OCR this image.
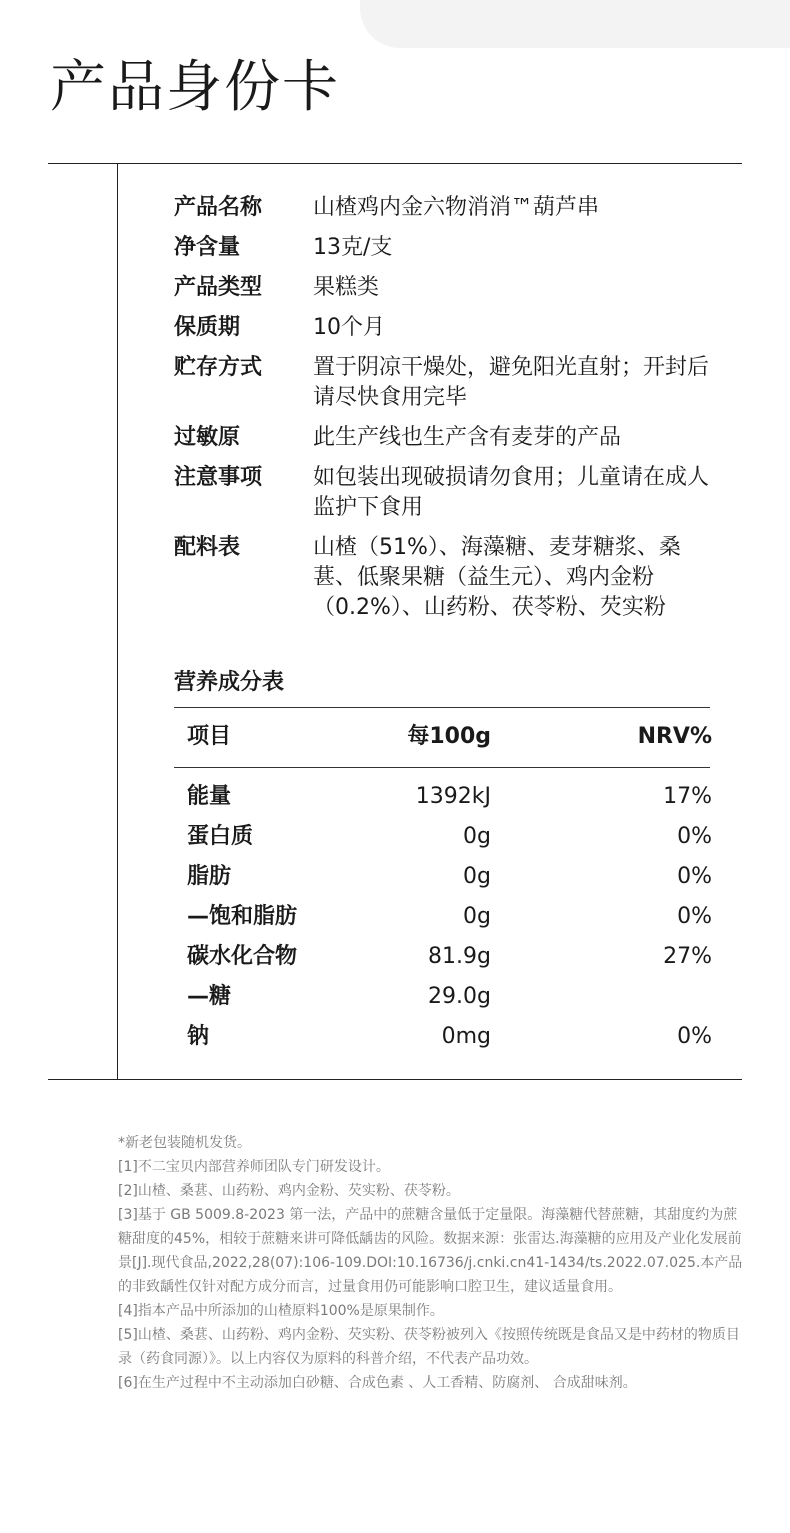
产品身份卡
产品名称	山楂鸡内金六物消消™葫芦串
净含量	13克/支
产品类型	果糕类
保质期	10个月
贮存方式	置于阴凉干燥处，避免阳光直射；开封后请尽快食用完毕
过敏原	此生产线也生产含有麦芽的产品
注意事项	如包装出现破损请勿食用；儿童请在成人监护下食用
配料表	山楂（51%）、海藻糖、麦芽糖浆、桑葚、低聚果糖（益生元）、鸡内金粉（0.2%）、山药粉、茯苓粉、芡实粉
营养成分表
项目	每100g	NRV%
能量	1392kJ	17%
蛋白质	0g	0%
脂肪	0g	0%
—饱和脂肪	0g	0%
碳水化合物	81.9g	27%
—糖	29.0g
钠	0mg	0%

*新老包装随机发货。

[1]不二宝贝内部营养师团队专门研发设计。

[2]山楂、桑葚、山药粉、鸡内金粉、芡实粉、茯苓粉。

[3]基于 GB 5009.8-2023 第一法，产品中的蔗糖含量低于定量限。海藻糖代替蔗糖，其甜度约为蔗糖甜度的45%，相较于蔗糖来讲可降低龋齿的风险。数据来源：张雷达.海藻糖的应用及产业化发展前景[J].现代食品,2022,28(07):106-109.DOI:10.16736/j.cnki.cn41-1434/ts.2022.07.025.本产品的非致龋性仅针对配方成分而言，过量食用仍可能影响口腔卫生，建议适量食用。

[4]指本产品中所添加的山楂原料100%是原果制作。

[5]山楂、桑葚、山药粉、鸡内金粉、芡实粉、茯苓粉被列入《按照传统既是食品又是中药材的物质目录（药食同源）》。以上内容仅为原料的科普介绍，不代表产品功效。

[6]在生产过程中不主动添加白砂糖、合成色素 、人工香精、防腐剂、 合成甜味剂。
